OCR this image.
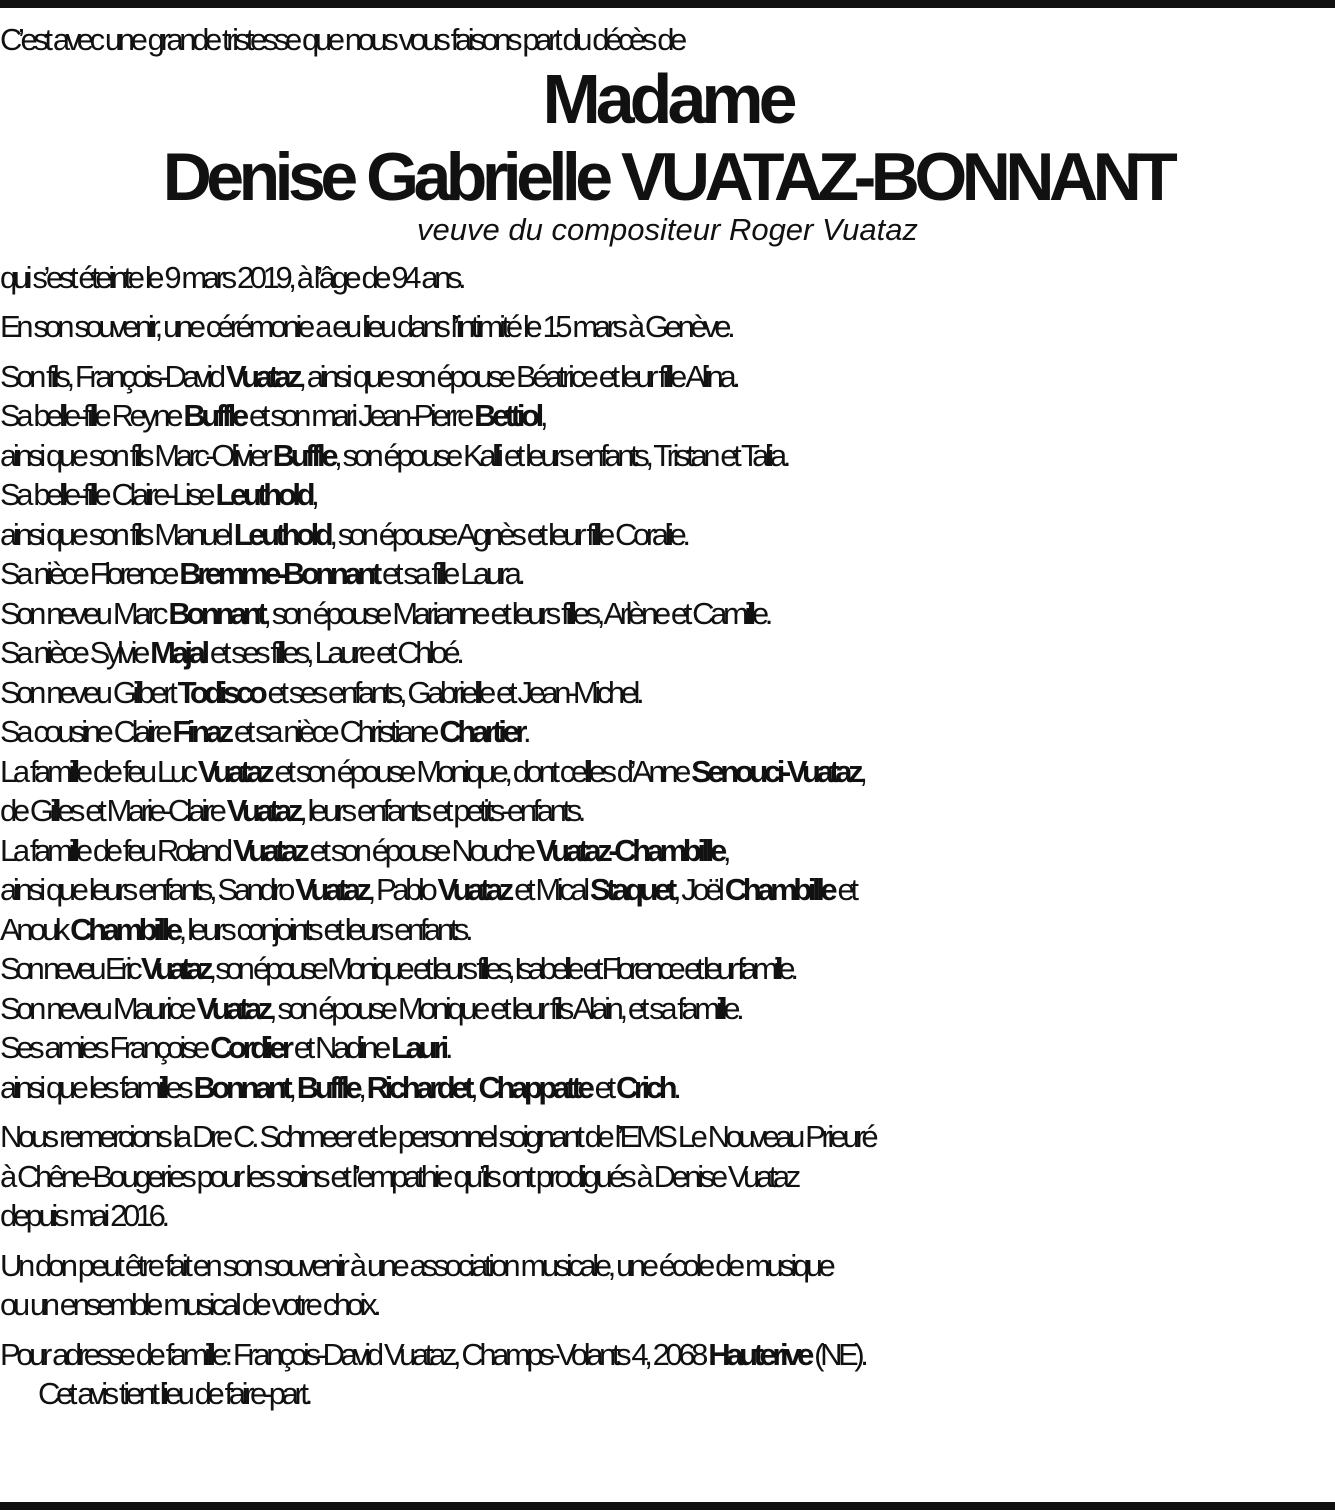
C’est avec une grande tristesse que nous vous faisons part du décès de

Madame

Denise Gabrielle VUATAZ-BONNANT

veuve du compositeur Roger Vuataz

qui s’est éteinte le 9 mars 2019, à l’âge de 94 ans.

En son souvenir, une cérémonie a eu lieu dans l’intimité le 15 mars à Genève.

Son fils, François-David Vuataz, ainsi que son épouse Béatrice et leur fille Alina.

Sa belle-fille Reyne Buffle et son mari Jean-Pierre Bettiol,

ainsi que son fils Marc-Olivier Buffle, son épouse Kalli et leurs enfants, Tristan et Talia.

Sa belle-fille Claire-Lise Leuthold,

ainsi que son fils Manuel Leuthold, son épouse Agnès et leur fille Coralie.

Sa nièce Florence Bremme-Bonnant et sa fille Laura.

Son neveu Marc Bonnant, son épouse Marianne et leurs filles, Arlène et Camille.

Sa nièce Sylvie Majal et ses filles, Laure et Chloé.

Son neveu Gilbert Todisco et ses enfants, Gabrielle et Jean-Michel.

Sa cousine Claire Finaz et sa nièce Christiane Chartier.

La famille de feu Luc Vuataz et son épouse Monique, dont celles d’Anne Senouci-Vuataz,

de Gilles et Marie-Claire Vuataz, leurs enfants et petits-enfants.

La famille de feu Roland Vuataz et son épouse Nouche Vuataz-Chambille,

ainsi que leurs enfants, Sandro Vuataz, Pablo Vuataz et Mical Staquet, Joël Chambille et

Anouk Chambille, leurs conjoints et leurs enfants.

Son neveu Eric Vuataz, son épouse Monique et leurs filles, Isabelle et Florence et leur famille.

Son neveu Maurice Vuataz, son épouse Monique et leur fils Alain, et sa famille.

Ses amies Françoise Cordier et Nadine Lauri.

ainsi que les familles Bonnant, Buffle, Richardet, Chappatte et Crich.

Nous remercions la Dre C. Schmeer et le personnel soignant de l’EMS Le Nouveau Prieuré

à Chêne-Bougeries pour les soins et l’empathie qu’ils ont prodigués à Denise Vuataz

depuis mai 2016.

Un don peut être fait en son souvenir à une association musicale, une école de musique

ou un ensemble musical de votre choix.

Pour adresse de famille: François-David Vuataz, Champs-Volants 4, 2068 Hauterive (NE).

Cet avis tient lieu de faire-part.
